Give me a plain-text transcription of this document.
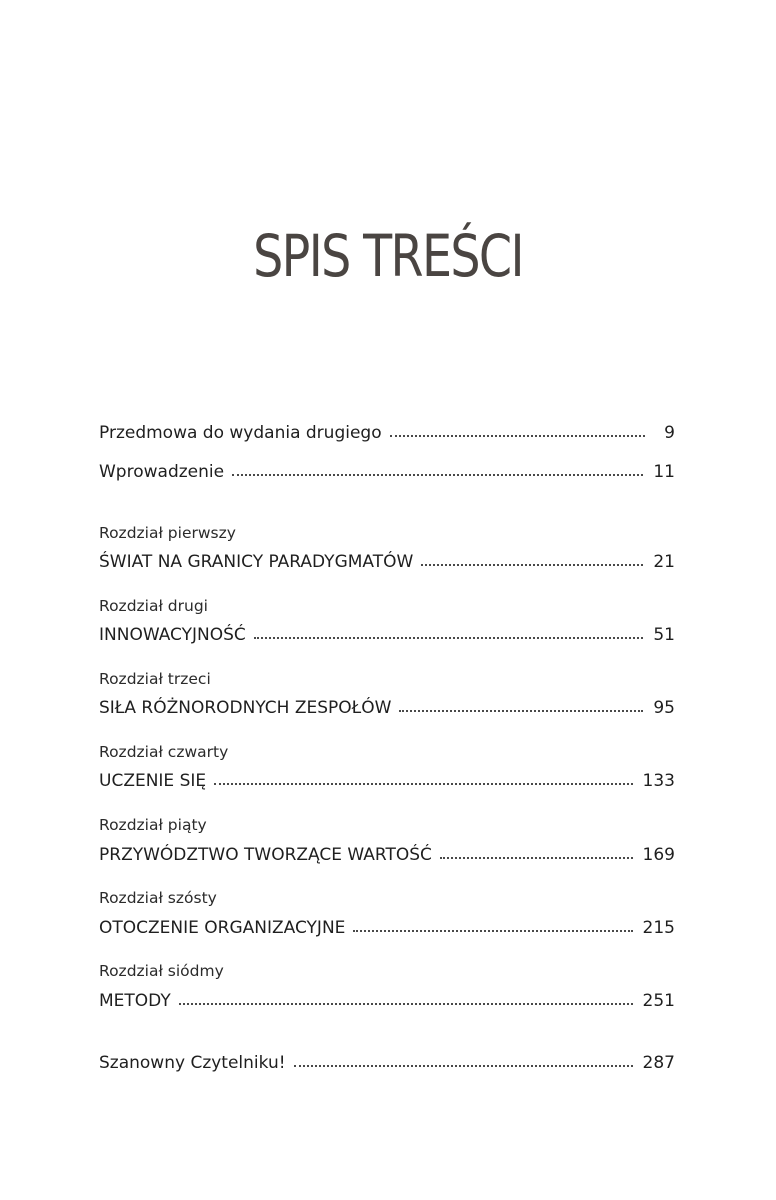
SPIS TREŚCI
Przedmowa do wydania drugiego	9
Wprowadzenie	11
Rozdział pierwszy
ŚWIAT NA GRANICY PARADYGMATÓW	21
Rozdział drugi
INNOWACYJNOŚĆ	51
Rozdział trzeci
SIŁA RÓŻNORODNYCH ZESPOŁÓW	95
Rozdział czwarty
UCZENIE SIĘ	133
Rozdział piąty
PRZYWÓDZTWO TWORZĄCE WARTOŚĆ	169
Rozdział szósty
OTOCZENIE ORGANIZACYJNE	215
Rozdział siódmy
METODY	251
Szanowny Czytelniku!	287
